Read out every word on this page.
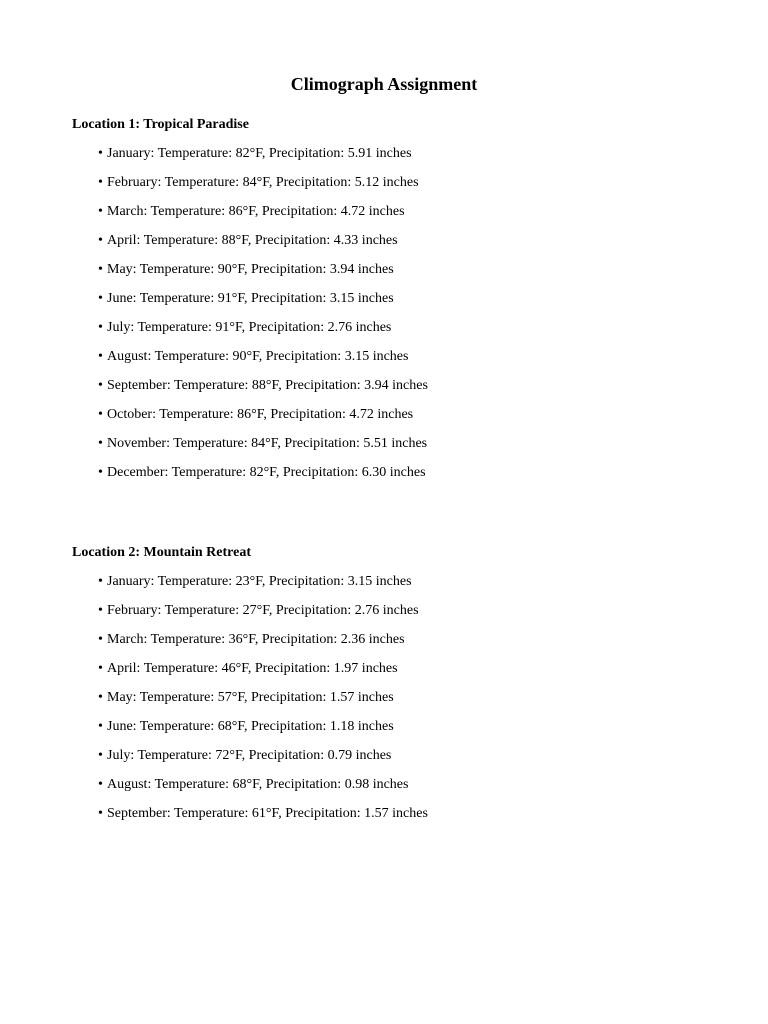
Climograph Assignment
Location 1: Tropical Paradise
• January: Temperature: 82°F, Precipitation: 5.91 inches
• February: Temperature: 84°F, Precipitation: 5.12 inches
• March: Temperature: 86°F, Precipitation: 4.72 inches
• April: Temperature: 88°F, Precipitation: 4.33 inches
• May: Temperature: 90°F, Precipitation: 3.94 inches
• June: Temperature: 91°F, Precipitation: 3.15 inches
• July: Temperature: 91°F, Precipitation: 2.76 inches
• August: Temperature: 90°F, Precipitation: 3.15 inches
• September: Temperature: 88°F, Precipitation: 3.94 inches
• October: Temperature: 86°F, Precipitation: 4.72 inches
• November: Temperature: 84°F, Precipitation: 5.51 inches
• December: Temperature: 82°F, Precipitation: 6.30 inches
Location 2: Mountain Retreat
• January: Temperature: 23°F, Precipitation: 3.15 inches
• February: Temperature: 27°F, Precipitation: 2.76 inches
• March: Temperature: 36°F, Precipitation: 2.36 inches
• April: Temperature: 46°F, Precipitation: 1.97 inches
• May: Temperature: 57°F, Precipitation: 1.57 inches
• June: Temperature: 68°F, Precipitation: 1.18 inches
• July: Temperature: 72°F, Precipitation: 0.79 inches
• August: Temperature: 68°F, Precipitation: 0.98 inches
• September: Temperature: 61°F, Precipitation: 1.57 inches
